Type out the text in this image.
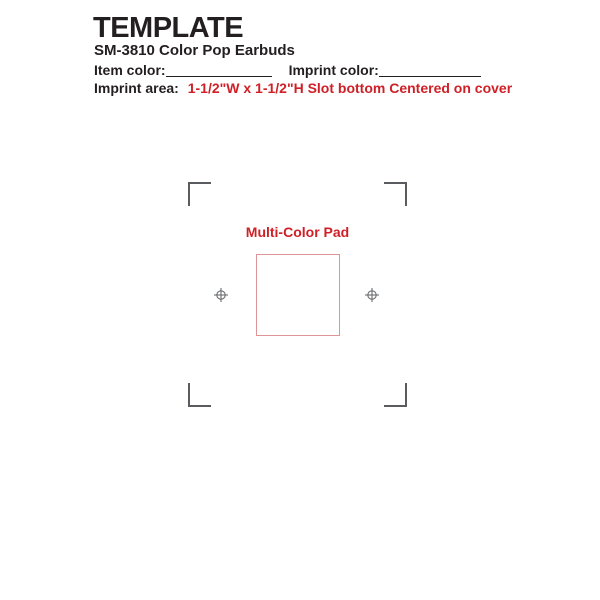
TEMPLATE
SM-3810 Color Pop Earbuds
Item color:	Imprint color:
Imprint area: 1-1/2"W x 1-1/2"H Slot bottom Centered on cover
Multi-Color Pad
